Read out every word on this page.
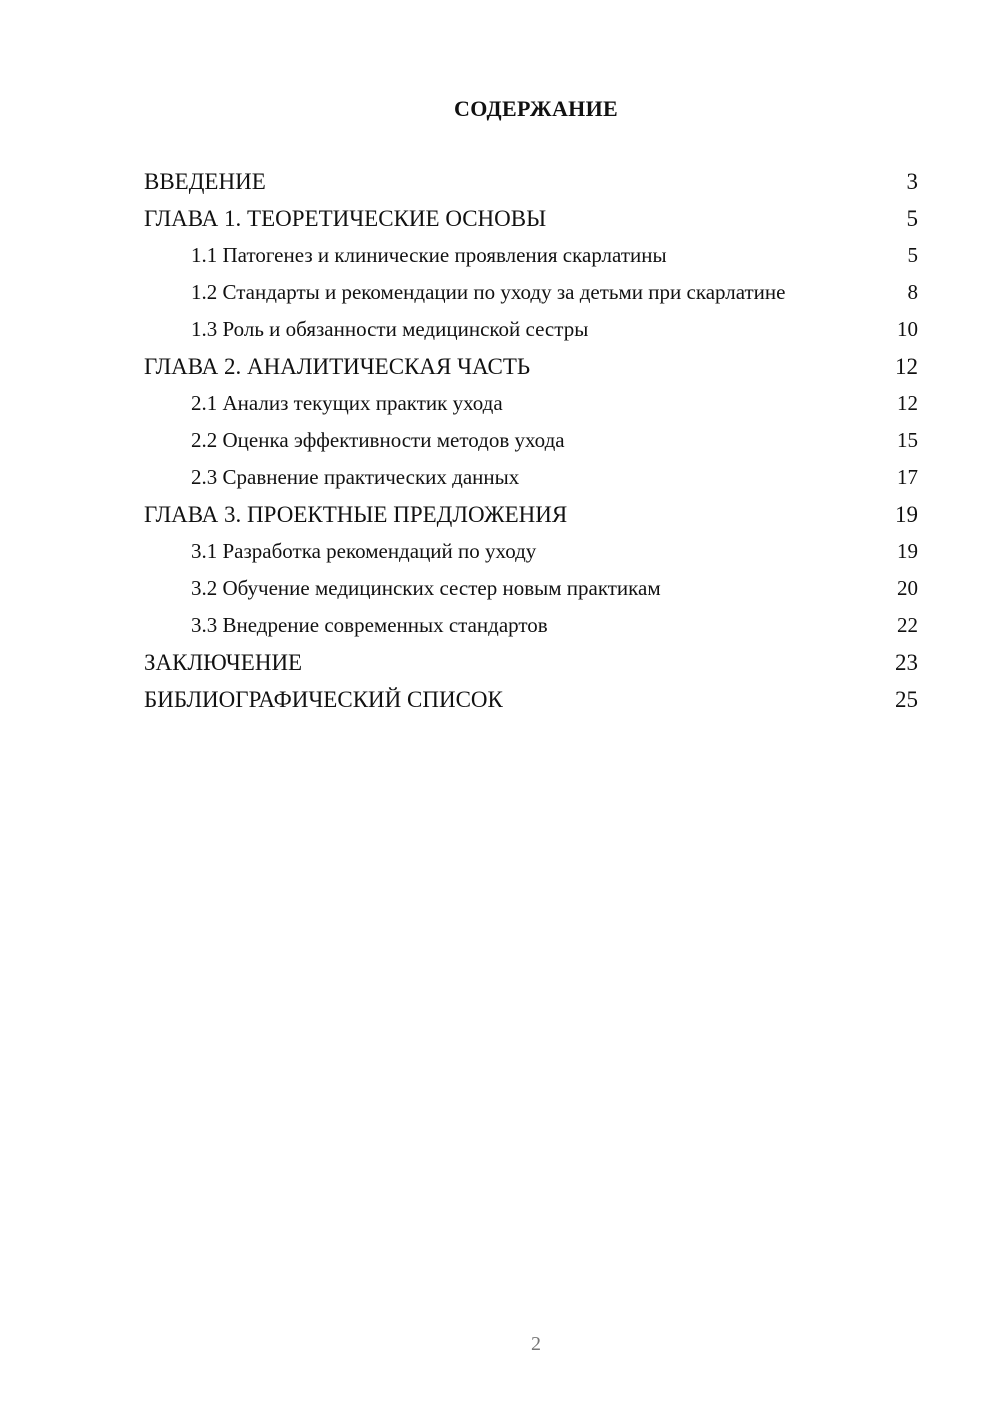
СОДЕРЖАНИЕ
ВВЕДЕНИЕ	3
ГЛАВА 1. ТЕОРЕТИЧЕСКИЕ ОСНОВЫ	5
1.1 Патогенез и клинические проявления скарлатины	5
1.2 Стандарты и рекомендации по уходу за детьми при скарлатине	8
1.3 Роль и обязанности медицинской сестры	10
ГЛАВА 2. АНАЛИТИЧЕСКАЯ ЧАСТЬ	12
2.1 Анализ текущих практик ухода	12
2.2 Оценка эффективности методов ухода	15
2.3 Сравнение практических данных	17
ГЛАВА 3. ПРОЕКТНЫЕ ПРЕДЛОЖЕНИЯ	19
3.1 Разработка рекомендаций по уходу	19
3.2 Обучение медицинских сестер новым практикам	20
3.3 Внедрение современных стандартов	22
ЗАКЛЮЧЕНИЕ	23
БИБЛИОГРАФИЧЕСКИЙ СПИСОК	25
2
